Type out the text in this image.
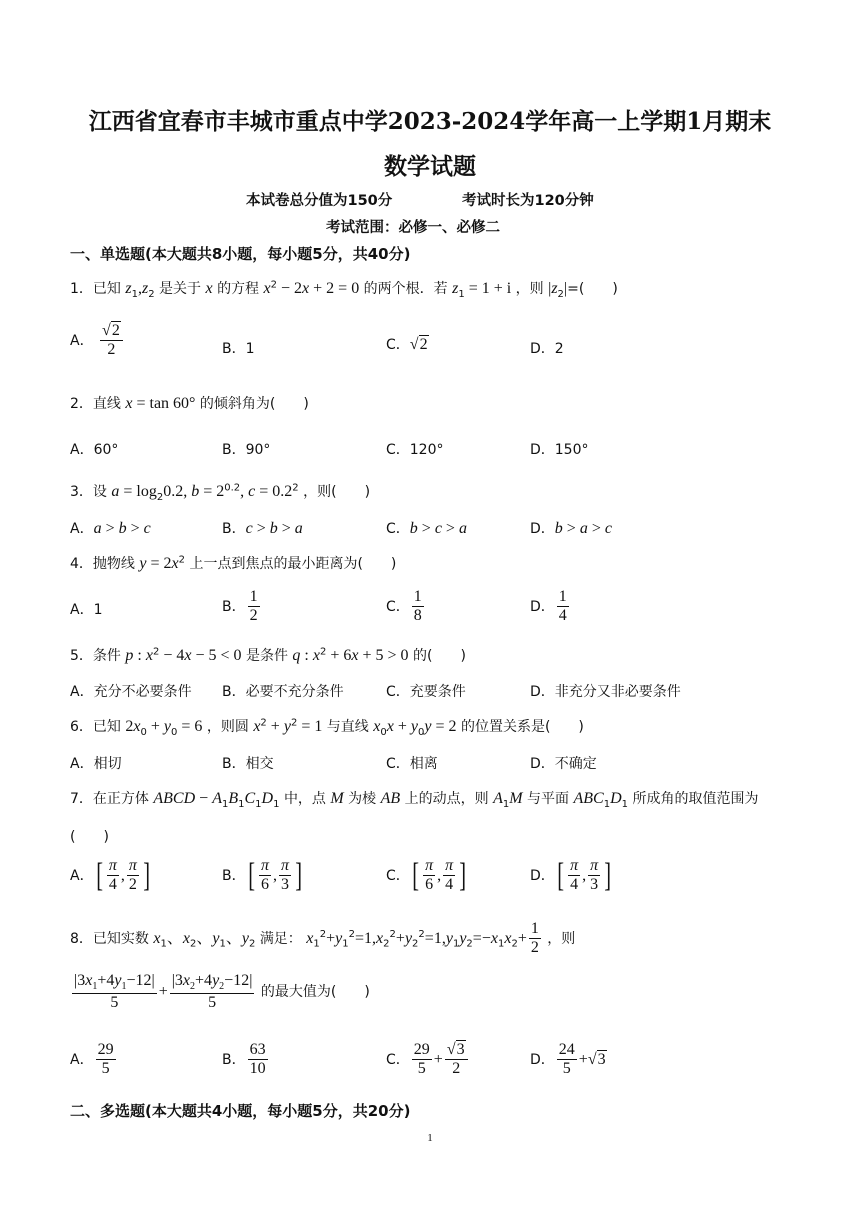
江西省宜春市丰城市重点中学2023-2024学年高一上学期1月期末
数学试题
本试卷总分值为150分	考试时长为120分钟
考试范围：必修一、必修二
一、单选题(本大题共8小题，每小题5分，共40分)
1．已知 $z_1,z_2$ 是关于 x 的方程 $x^2 - 2x + 2 = 0$ 的两个根．若 $z_1 = 1 + i$ ，则 $|z_2|=$(　　)
A． $\frac{√2}{2}$	B．1	C．√2	D．2
2．直线 x = tan 60° 的倾斜角为(　　)
A．60°	B．90°	C．120°	D．150°
3．设 $a = \log_20.2$, $b = 2^{0.2}$, $c = 0.2^2$ ，则(　　)
A．a > b > c	B．c > b > a	C．b > c > a	D．b > a > c
4．抛物线 $y = 2x^2$ 上一点到焦点的最小距离为(　　)
A．1	B． $\frac{1}{2}$	C． $\frac{1}{8}$	D． $\frac{1}{4}$
5．条件 p : $x^2 - 4x - 5 < 0$ 是条件 q : $x^2 + 6x + 5 > 0$ 的(　　)
A．充分不必要条件 B．必要不充分条件	C．充要条件	D．非充分又非必要条件
6．已知 $2x_0 + y_0 = 6$ ，则圆 $x^2 + y^2 = 1$ 与直线 $x_0x + y_0y = 2$ 的位置关系是(　　)
A．相切	B．相交	C．相离	D．不确定
7．在正方体 ABCD − $A_1B_1C_1D_1$ 中，点 M 为棱 AB 上的动点，则 $A_1M$ 与平面 $ABC_1D_1$ 所成角的取值范围为
(　　)
A．[ $\frac{\pi}{4}$ , $\frac{\pi}{2}$ ]	B．[ $\frac{\pi}{6}$ , $\frac{\pi}{3}$ ]	C．[ $\frac{\pi}{6}$ , $\frac{\pi}{4}$ ]	D．[ $\frac{\pi}{4}$ , $\frac{\pi}{3}$ ]
8．已知实数 $x_1$、$x_2$、$y_1$、$y_2$ 满足： $x_1^2+y_1^2=1,x_2^2+y_2^2=1,y_1y_2=-x_1x_2+ \frac{1}{2}$ ，则
$\frac{|3x_1+4y_1-12|}{5} + \frac{|3x_2+4y_2-12|}{5}$ 的最大值为(　　)
A． $\frac{29}{5}$	B． $\frac{63}{10}$	C． $\frac{29}{5} + \frac{√3}{2}$	D． $\frac{24}{5} +√3$
二、多选题(本大题共4小题，每小题5分，共20分)
1
